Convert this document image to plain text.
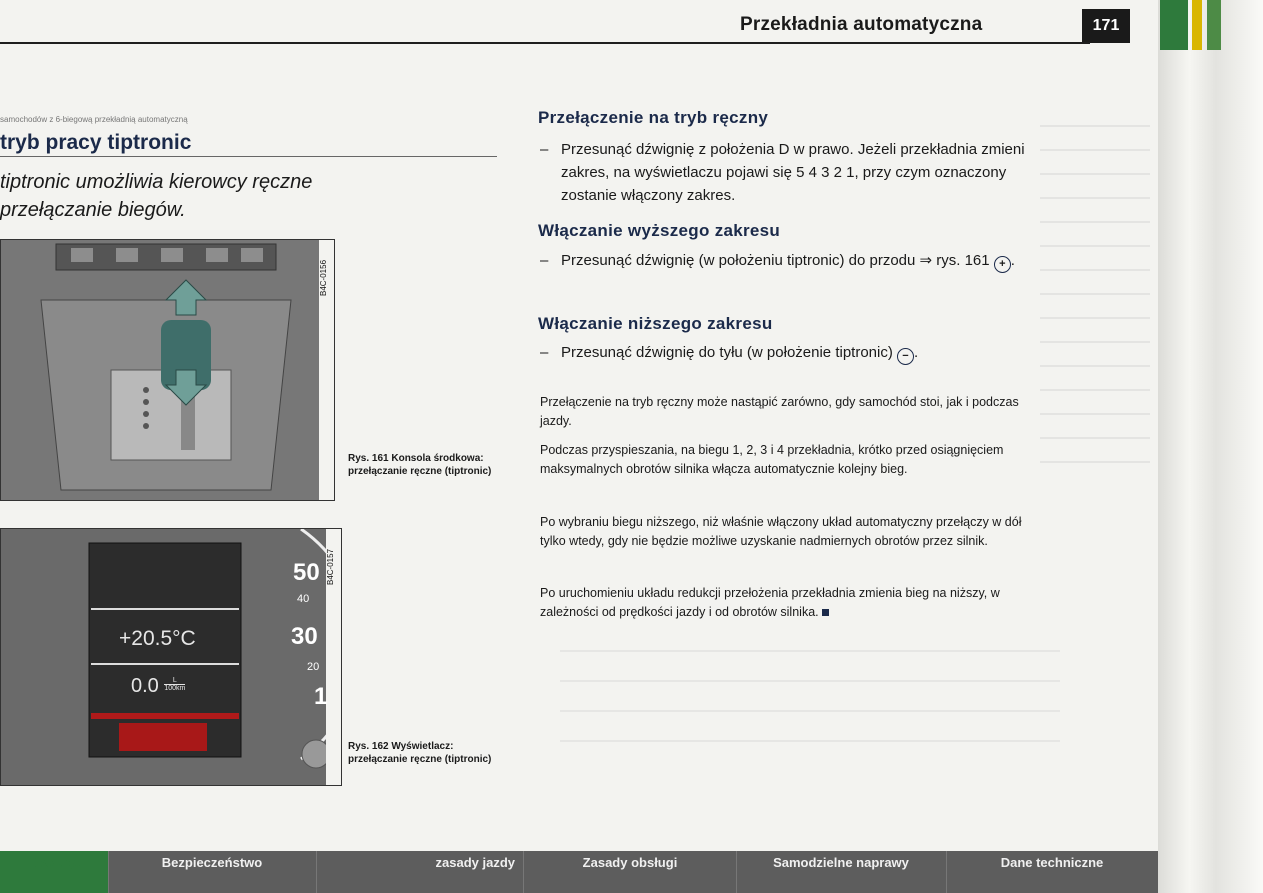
Przekładnia automatyczna	171
samochodów z 6-biegową przekładnią automatyczną
tryb pracy tiptronic
tiptronic umożliwia kierowcy ręczne przełączanie biegów.
B4C-0156
Rys. 161 Konsola środkowa: przełączanie ręczne (tiptronic)
B4C-0157
+20.5°C
$0.0 \frac{L}{100km}$
50
40
30
20
1
Rys. 162 Wyświetlacz: przełączanie ręczne (tiptronic)
Przełączenie na tryb ręczny
– Przesunąć dźwignię z położenia D w prawo. Jeżeli przekładnia zmieni zakres, na wyświetlaczu pojawi się 5 4 3 2 1, przy czym oznaczony zostanie włączony zakres.
Włączanie wyższego zakresu
– Przesunąć dźwignię (w położeniu tiptronic) do przodu ⇒ rys. 161 + .
Włączanie niższego zakresu
– Przesunąć dźwignię do tyłu (w położenie tiptronic) − .
Przełączenie na tryb ręczny może nastąpić zarówno, gdy samochód stoi, jak i podczas jazdy.
Podczas przyspieszania, na biegu 1, 2, 3 i 4 przekładnia, krótko przed osiągnięciem maksymalnych obrotów silnika włącza automatycznie kolejny bieg.
Po wybraniu biegu niższego, niż właśnie włączony układ automatyczny przełączy w dół tylko wtedy, gdy nie będzie możliwe uzyskanie nadmiernych obrotów przez silnik.
Po uruchomieniu układu redukcji przełożenia przekładnia zmienia bieg na niższy, w zależności od prędkości jazdy i od obrotów silnika.
Obsługa	Bezpieczeństwo	zasady jazdy	Zasady obsługi	Samodzielne naprawy	Dane techniczne
